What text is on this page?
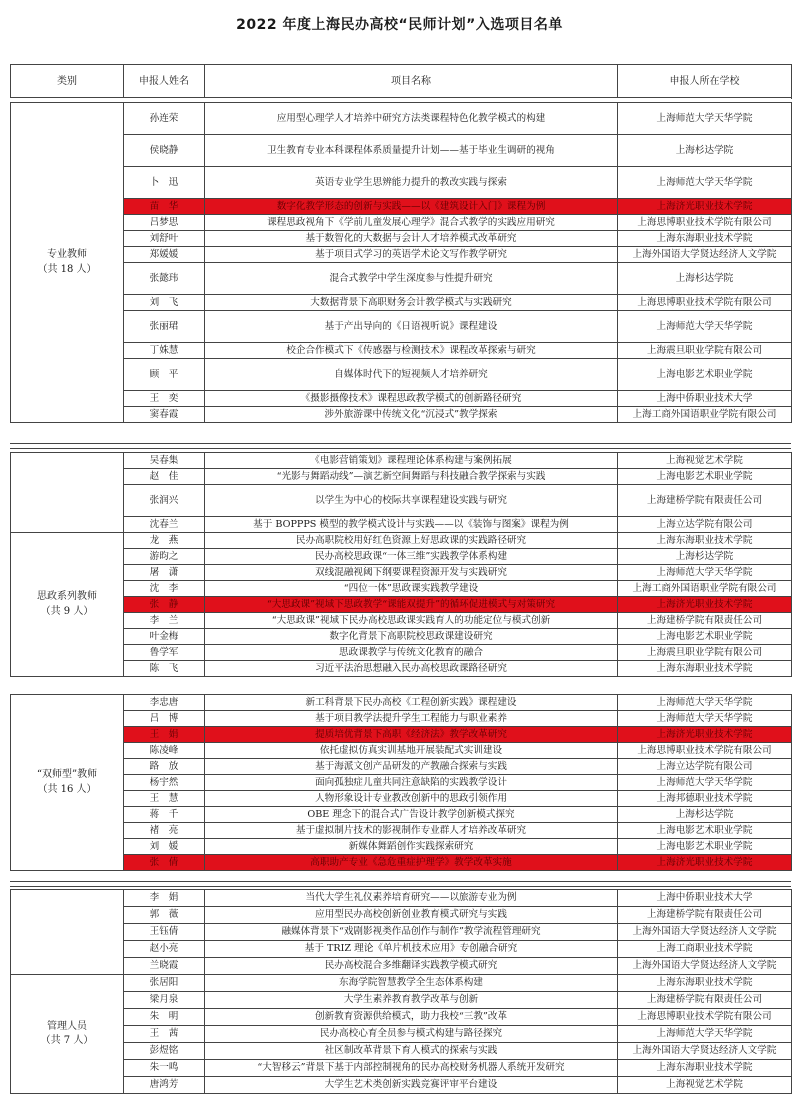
2022 年度上海民办高校“民师计划”入选项目名单
类别	申报人姓名	项目名称	申报人所在学校
专业教师
（共 18 人）	孙连荣	应用型心理学人才培养中研究方法类课程特色化教学模式的构建	上海师范大学天华学院
	侯晓静	卫生教育专业本科课程体系质量提升计划——基于毕业生调研的视角	上海杉达学院
	卜　迅	英语专业学生思辨能力提升的教改实践与探索	上海师范大学天华学院
	苗　华	数字化教学形态的创新与实践——以《建筑设计入门》课程为例	上海济光职业技术学院
	吕梦思	课程思政视角下《学前儿童发展心理学》混合式教学的实践应用研究	上海思博职业技术学院有限公司
	刘舒叶	基于数智化的大数据与会计人才培养模式改革研究	上海东海职业技术学院
	郑媛媛	基于项目式学习的英语学术论文写作教学研究	上海外国语大学贤达经济人文学院
	张懿玮	混合式教学中学生深度参与性提升研究	上海杉达学院
	刘　飞	大数据背景下高职财务会计教学模式与实践研究	上海思博职业技术学院有限公司
	张丽珺	基于产出导向的《日语视听说》课程建设	上海师范大学天华学院
	丁姝慧	校企合作模式下《传感器与检测技术》课程改革探索与研究	上海震旦职业学院有限公司
	顾　平	自媒体时代下的短视频人才培养研究	上海电影艺术职业学院
	王　奕	《摄影摄像技术》课程思政教学模式的创新路径研究	上海中侨职业技术大学
	窦春霞	涉外旅游课中传统文化“沉浸式”教学探索	上海工商外国语职业学院有限公司
	吴春集	《电影营销策划》课程理论体系构建与案例拓展	上海视觉艺术学院
	赵　佳	“光影与舞蹈动线”—演艺新空间舞蹈与科技融合教学探索与实践	上海电影艺术职业学院
	张润兴	以学生为中心的校际共享课程建设实践与研究	上海建桥学院有限责任公司
	沈春兰	基于 BOPPPS 模型的教学模式设计与实践——以《装饰与图案》课程为例	上海立达学院有限公司
思政系列教师
（共 9 人）	龙　燕	民办高职院校用好红色资源上好思政课的实践路径研究	上海东海职业技术学院
	游昀之	民办高校思政课“一体三维”实践教学体系构建	上海杉达学院
	屠　潇	双线混融视阈下纲要课程资源开发与实践研究	上海师范大学天华学院
	沈　李	“四位一体”思政课实践教学建设	上海工商外国语职业学院有限公司
	张　静	“大思政课”视域下思政教学“课能双提升”的循环促进模式与对策研究	上海济光职业技术学院
	李　兰	“大思政课”视域下民办高校思政课实践育人的功能定位与模式创新	上海建桥学院有限责任公司
	叶金梅	数字化背景下高职院校思政课建设研究	上海电影艺术职业学院
	鲁学军	思政课教学与传统文化教育的融合	上海震旦职业学院有限公司
	陈　飞	习近平法治思想融入民办高校思政课路径研究	上海东海职业技术学院
“双师型”教师
（共 16 人）	李忠唐	新工科背景下民办高校《工程创新实践》课程建设	上海师范大学天华学院
	吕　博	基于项目教学法提升学生工程能力与职业素养	上海师范大学天华学院
	王　娟	提质培优背景下高职《经济法》教学改革研究	上海济光职业技术学院
	陈凌峰	依托虚拟仿真实训基地开展装配式实训建设	上海思博职业技术学院有限公司
	路　放	基于海派文创产品研发的产教融合探索与实践	上海立达学院有限公司
	杨宇然	面向孤独症儿童共同注意缺陷的实践教学设计	上海师范大学天华学院
	王　慧	人物形象设计专业教改创新中的思政引领作用	上海邦德职业技术学院
	蒋　千	OBE 理念下的混合式广告设计教学创新模式探究	上海杉达学院
	褚　亮	基于虚拟制片技术的影视制作专业群人才培养改革研究	上海电影艺术职业学院
	刘　媛	新媒体舞蹈创作实践探索研究	上海电影艺术职业学院
	张　倩	高职助产专业《急危重症护理学》教学改革实施	上海济光职业技术学院
	李　娟	当代大学生礼仪素养培育研究——以旅游专业为例	上海中侨职业技术大学
	郭　薇	应用型民办高校创新创业教育模式研究与实践	上海建桥学院有限责任公司
	王钰倩	融媒体背景下“戏剧影视类作品创作与制作”教学流程管理研究	上海外国语大学贤达经济人文学院
	赵小亮	基于 TRIZ 理论《单片机技术应用》专创融合研究	上海工商职业技术学院
	兰晓霞	民办高校混合多维翻译实践教学模式研究	上海外国语大学贤达经济人文学院
管理人员
（共 7 人）	张居阳	东海学院智慧教学全生态体系构建	上海东海职业技术学院
	梁月泉	大学生素养教育教学改革与创新	上海建桥学院有限责任公司
	朱　明	创新教育资源供给模式，助力我校“三教”改革	上海思博职业技术学院有限公司
	王　茜	民办高校心育全员参与模式构建与路径探究	上海师范大学天华学院
	彭煜铭	社区制改革背景下育人模式的探索与实践	上海外国语大学贤达经济人文学院
	朱一鸣	“大智移云”背景下基于内部控制视角的民办高校财务机器人系统开发研究	上海东海职业技术学院
	唐鸿芳	大学生艺术类创新实践竞赛评审平台建设	上海视觉艺术学院
